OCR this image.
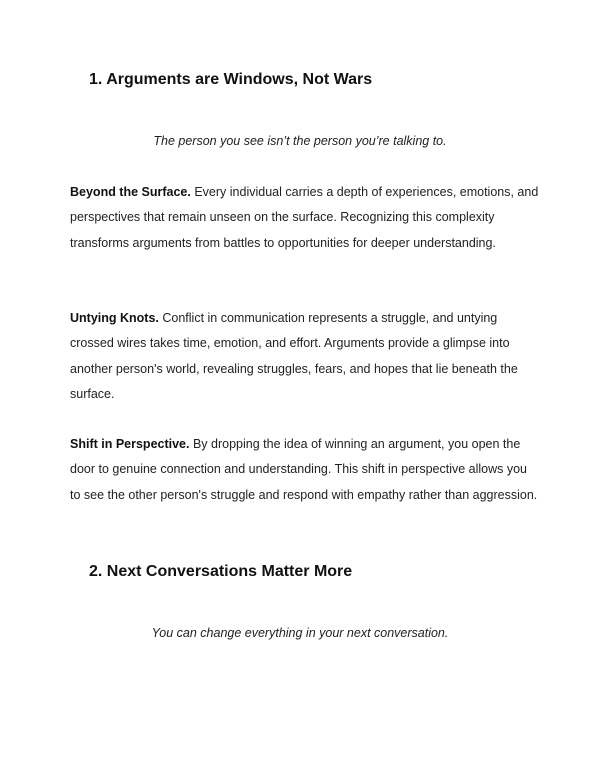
1. Arguments are Windows, Not Wars

The person you see isn’t the person you’re talking to.

Beyond the Surface. Every individual carries a depth of experiences, emotions, and perspectives that remain unseen on the surface. Recognizing this complexity transforms arguments from battles to opportunities for deeper understanding.

Untying Knots. Conflict in communication represents a struggle, and untying crossed wires takes time, emotion, and effort. Arguments provide a glimpse into another person's world, revealing struggles, fears, and hopes that lie beneath the surface.

Shift in Perspective. By dropping the idea of winning an argument, you open the door to genuine connection and understanding. This shift in perspective allows you to see the other person's struggle and respond with empathy rather than aggression.

2. Next Conversations Matter More

You can change everything in your next conversation.
